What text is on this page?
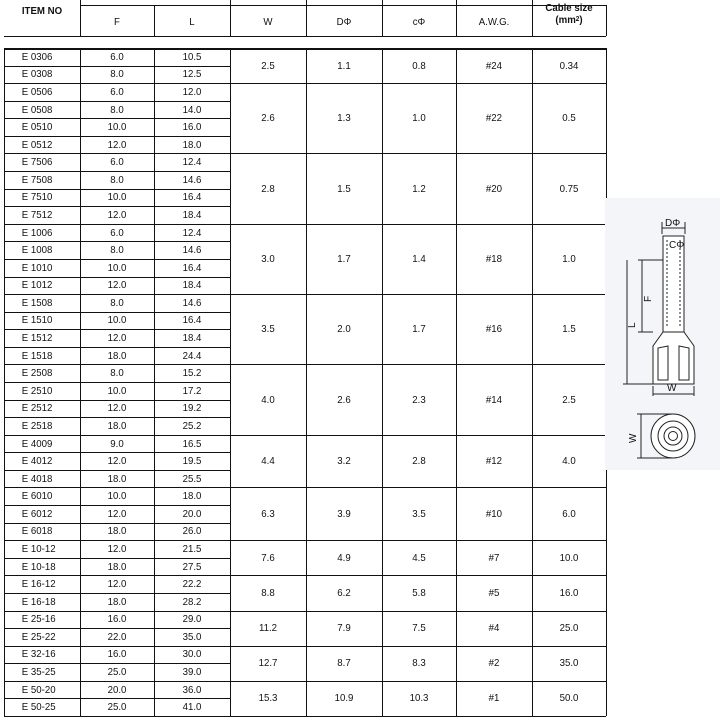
ITEM NO
F	L	W	DΦ	cΦ	A.W.G.
Cable size
$(mm^2)$
E 0306	6.0	10.5
E 0308	8.0	12.5
2.5	1.1	0.8	#24	0.34
E 0506	6.0	12.0
E 0508	8.0	14.0
E 0510	10.0	16.0
E 0512	12.0	18.0
2.6	1.3	1.0	#22	0.5
E 7506	6.0	12.4
E 7508	8.0	14.6
E 7510	10.0	16.4
E 7512	12.0	18.4
2.8	1.5	1.2	#20	0.75
E 1006	6.0	12.4
E 1008	8.0	14.6
E 1010	10.0	16.4
E 1012	12.0	18.4
3.0	1.7	1.4	#18	1.0
E 1508	8.0	14.6
E 1510	10.0	16.4
E 1512	12.0	18.4
E 1518	18.0	24.4
3.5	2.0	1.7	#16	1.5
E 2508	8.0	15.2
E 2510	10.0	17.2
E 2512	12.0	19.2
E 2518	18.0	25.2
4.0	2.6	2.3	#14	2.5
E 4009	9.0	16.5
E 4012	12.0	19.5
E 4018	18.0	25.5
4.4	3.2	2.8	#12	4.0
E 6010	10.0	18.0
E 6012	12.0	20.0
E 6018	18.0	26.0
6.3	3.9	3.5	#10	6.0
E 10-12	12.0	21.5
E 10-18	18.0	27.5
7.6	4.9	4.5	#7	10.0
E 16-12	12.0	22.2
E 16-18	18.0	28.2
8.8	6.2	5.8	#5	16.0
E 25-16	16.0	29.0
E 25-22	22.0	35.0
11.2	7.9	7.5	#4	25.0
E 32-16	16.0	30.0
E 35-25	25.0	39.0
12.7	8.7	8.3	#2	35.0
E 50-20	20.0	36.0
E 50-25	25.0	41.0
15.3	10.9	10.3	#1	50.0
DΦ
CΦ
F
L
W
W
